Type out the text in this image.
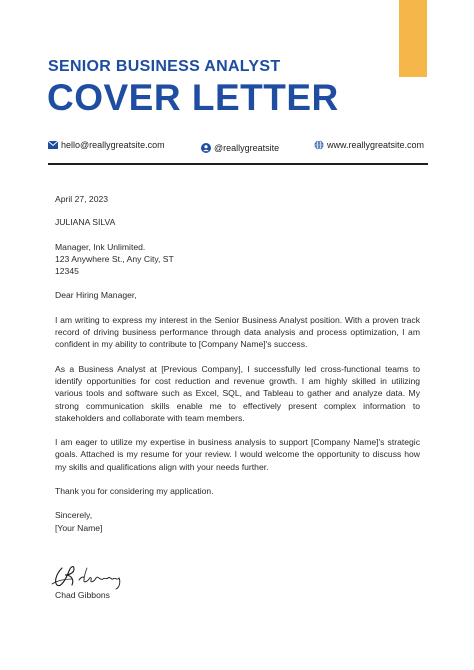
SENIOR BUSINESS ANALYST
COVER LETTER
hello@reallygreatsite.com	@reallygreatsite	www.reallygreatsite.com

April 27, 2023

JULIANA SILVA

Manager, Ink Unlimited.

123 Anywhere St., Any City, ST

12345

Dear Hiring Manager,

I am writing to express my interest in the Senior Business Analyst position. With a proven track record of driving business performance through data analysis and process optimization, I am confident in my ability to contribute to [Company Name]'s success.

As a Business Analyst at [Previous Company], I successfully led cross-functional teams to identify opportunities for cost reduction and revenue growth. I am highly skilled in utilizing various tools and software such as Excel, SQL, and Tableau to gather and analyze data. My strong communication skills enable me to effectively present complex information to stakeholders and collaborate with team members.

I am eager to utilize my expertise in business analysis to support [Company Name]'s strategic goals. Attached is my resume for your review. I would welcome the opportunity to discuss how my skills and qualifications align with your needs further.

Thank you for considering my application.

Sincerely,

[Your Name]

Chad Gibbons
